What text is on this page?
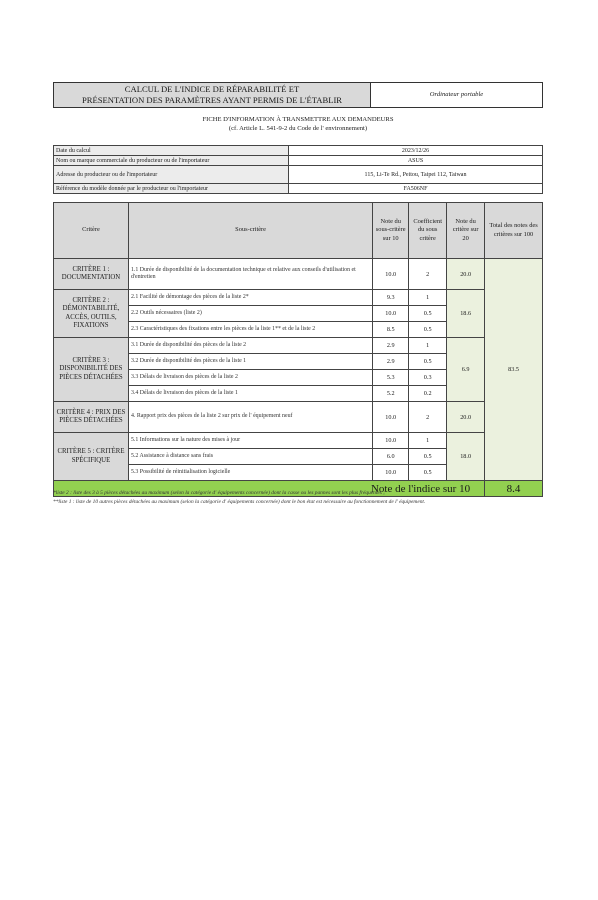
CALCUL DE L'INDICE DE RÉPARABILITÉ ET
PRÉSENTATION DES PARAMÈTRES AYANT PERMIS DE L'ÉTABLIR
Ordinateur portable
FICHE D'INFORMATION À TRANSMETTRE AUX DEMANDEURS
(cf. Article L. 541-9-2 du Code de l' environnement)
Date du calcul	2023/12/26
Nom ou marque commerciale du producteur ou de l'importateur	ASUS
Adresse du producteur ou de l'importateur	115, Li-Te Rd., Peitou, Taipei 112, Taiwan
Référence du modèle donnée par le producteur ou l'importateur	FA506NF
Critère	Sous-critère	Note du sous-critère sur 10	Coefficient du sous critère	Note du critère sur 20	Total des notes des critères sur 100
CRITÈRE 1 : DOCUMENTATION	1.1 Durée de disponibilité de la documentation technique et relative aux conseils d'utilisation et d'entretien	10.0	2	20.0	83.5
CRITÈRE 2 : DÉMONTABILITÉ, ACCÈS, OUTILS, FIXATIONS	2.1 Facilité de démontage des pièces de la liste 2*	9.3	1	18.6	
	2.2 Outils nécessaires (liste 2)	10.0	0.5		
	2.3 Caractéristiques des fixations entre les pièces de la liste 1** et de la liste 2	8.5	0.5		
CRITÈRE 3 : DISPONIBILITÉ DES PIÈCES DÉTACHÉES	3.1 Durée de disponibilité des pièces de la liste 2	2.9	1	6.9	
	3.2 Durée de disponibilité des pièces de la liste 1	2.9	0.5		
	3.3 Délais de livraison des pièces de la liste 2	5.3	0.3		
	3.4 Délais de livraison des pièces de la liste 1	5.2	0.2		
CRITÈRE 4 : PRIX DES PIÈCES DÉTACHÉES	4. Rapport prix des pièces de la liste 2 sur prix de l' équipement neuf	10.0	2	20.0	
CRITÈRE 5 : CRITÈRE SPÉCIFIQUE	5.1 Informations sur la nature des mises à jour	10.0	1	18.0	
	5.2 Assistance à distance sans frais	6.0	0.5		
	5.3 Possibilité de réinitialisation logicielle	10.0	0.5		
Note de l'indice sur 10					8.4
*liste 2 : liste des 3 à 5 pièces détachées au maximum (selon la catégorie d' équipements concernée) dont la casse ou les pannes sont les plus fréquentes ;
**liste 1 : liste de 10 autres pièces détachées au maximum (selon la catégorie d' équipements concernée) dont le bon état est nécessaire au fonctionnement de l' équipement.
